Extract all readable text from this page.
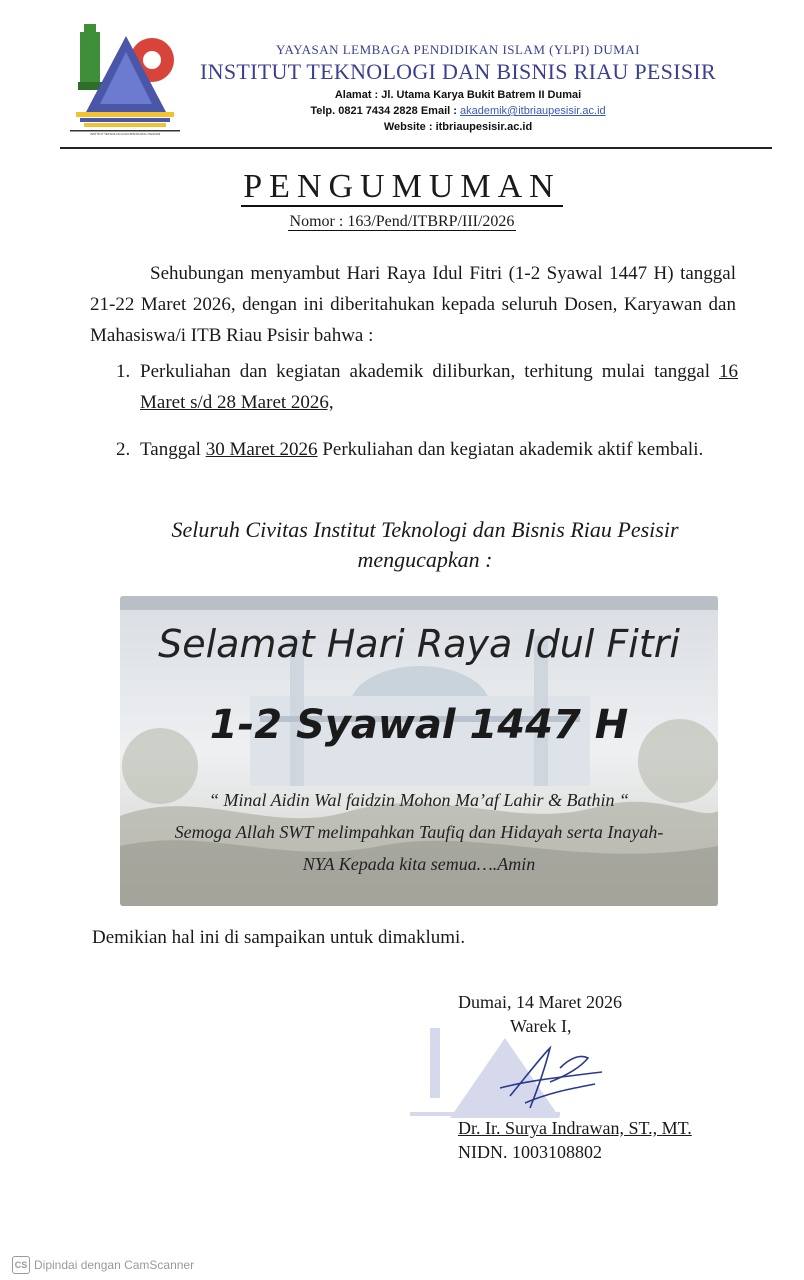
INSTITUT TEKNOLOGI DAN BISNIS RIAU PESISIR
YAYASAN LEMBAGA PENDIDIKAN ISLAM (YLPI) DUMAI
INSTITUT TEKNOLOGI DAN BISNIS RIAU PESISIR
Alamat : Jl. Utama Karya Bukit Batrem II Dumai
Telp. 0821 7434 2828 Email : akademik@itbriaupesisir.ac.id
Website : itbriaupesisir.ac.id
PENGUMUMAN
Nomor : 163/Pend/ITBRP/III/2026
Sehubungan menyambut Hari Raya Idul Fitri (1-2 Syawal 1447 H) tanggal 21-22 Maret 2026, dengan ini diberitahukan kepada seluruh Dosen, Karyawan dan Mahasiswa/i ITB Riau Psisir bahwa :
1. Perkuliahan dan kegiatan akademik diliburkan, terhitung mulai tanggal 16 Maret s/d 28 Maret 2026,
2. Tanggal 30 Maret 2026 Perkuliahan dan kegiatan akademik aktif kembali.
Seluruh Civitas Institut Teknologi dan Bisnis Riau Pesisir
mengucapkan :
Selamat Hari Raya Idul Fitri
1-2 Syawal 1447 H
“ Minal Aidin Wal faidzin Mohon Ma’af Lahir & Bathin “
Semoga Allah SWT melimpahkan Taufiq dan Hidayah serta Inayah-
NYA Kepada kita semua….Amin
Demikian hal ini di sampaikan untuk dimaklumi.
Dumai, 14 Maret 2026
Warek I,
Dr. Ir. Surya Indrawan, ST., MT.
NIDN. 1003108802
CS Dipindai dengan CamScanner
